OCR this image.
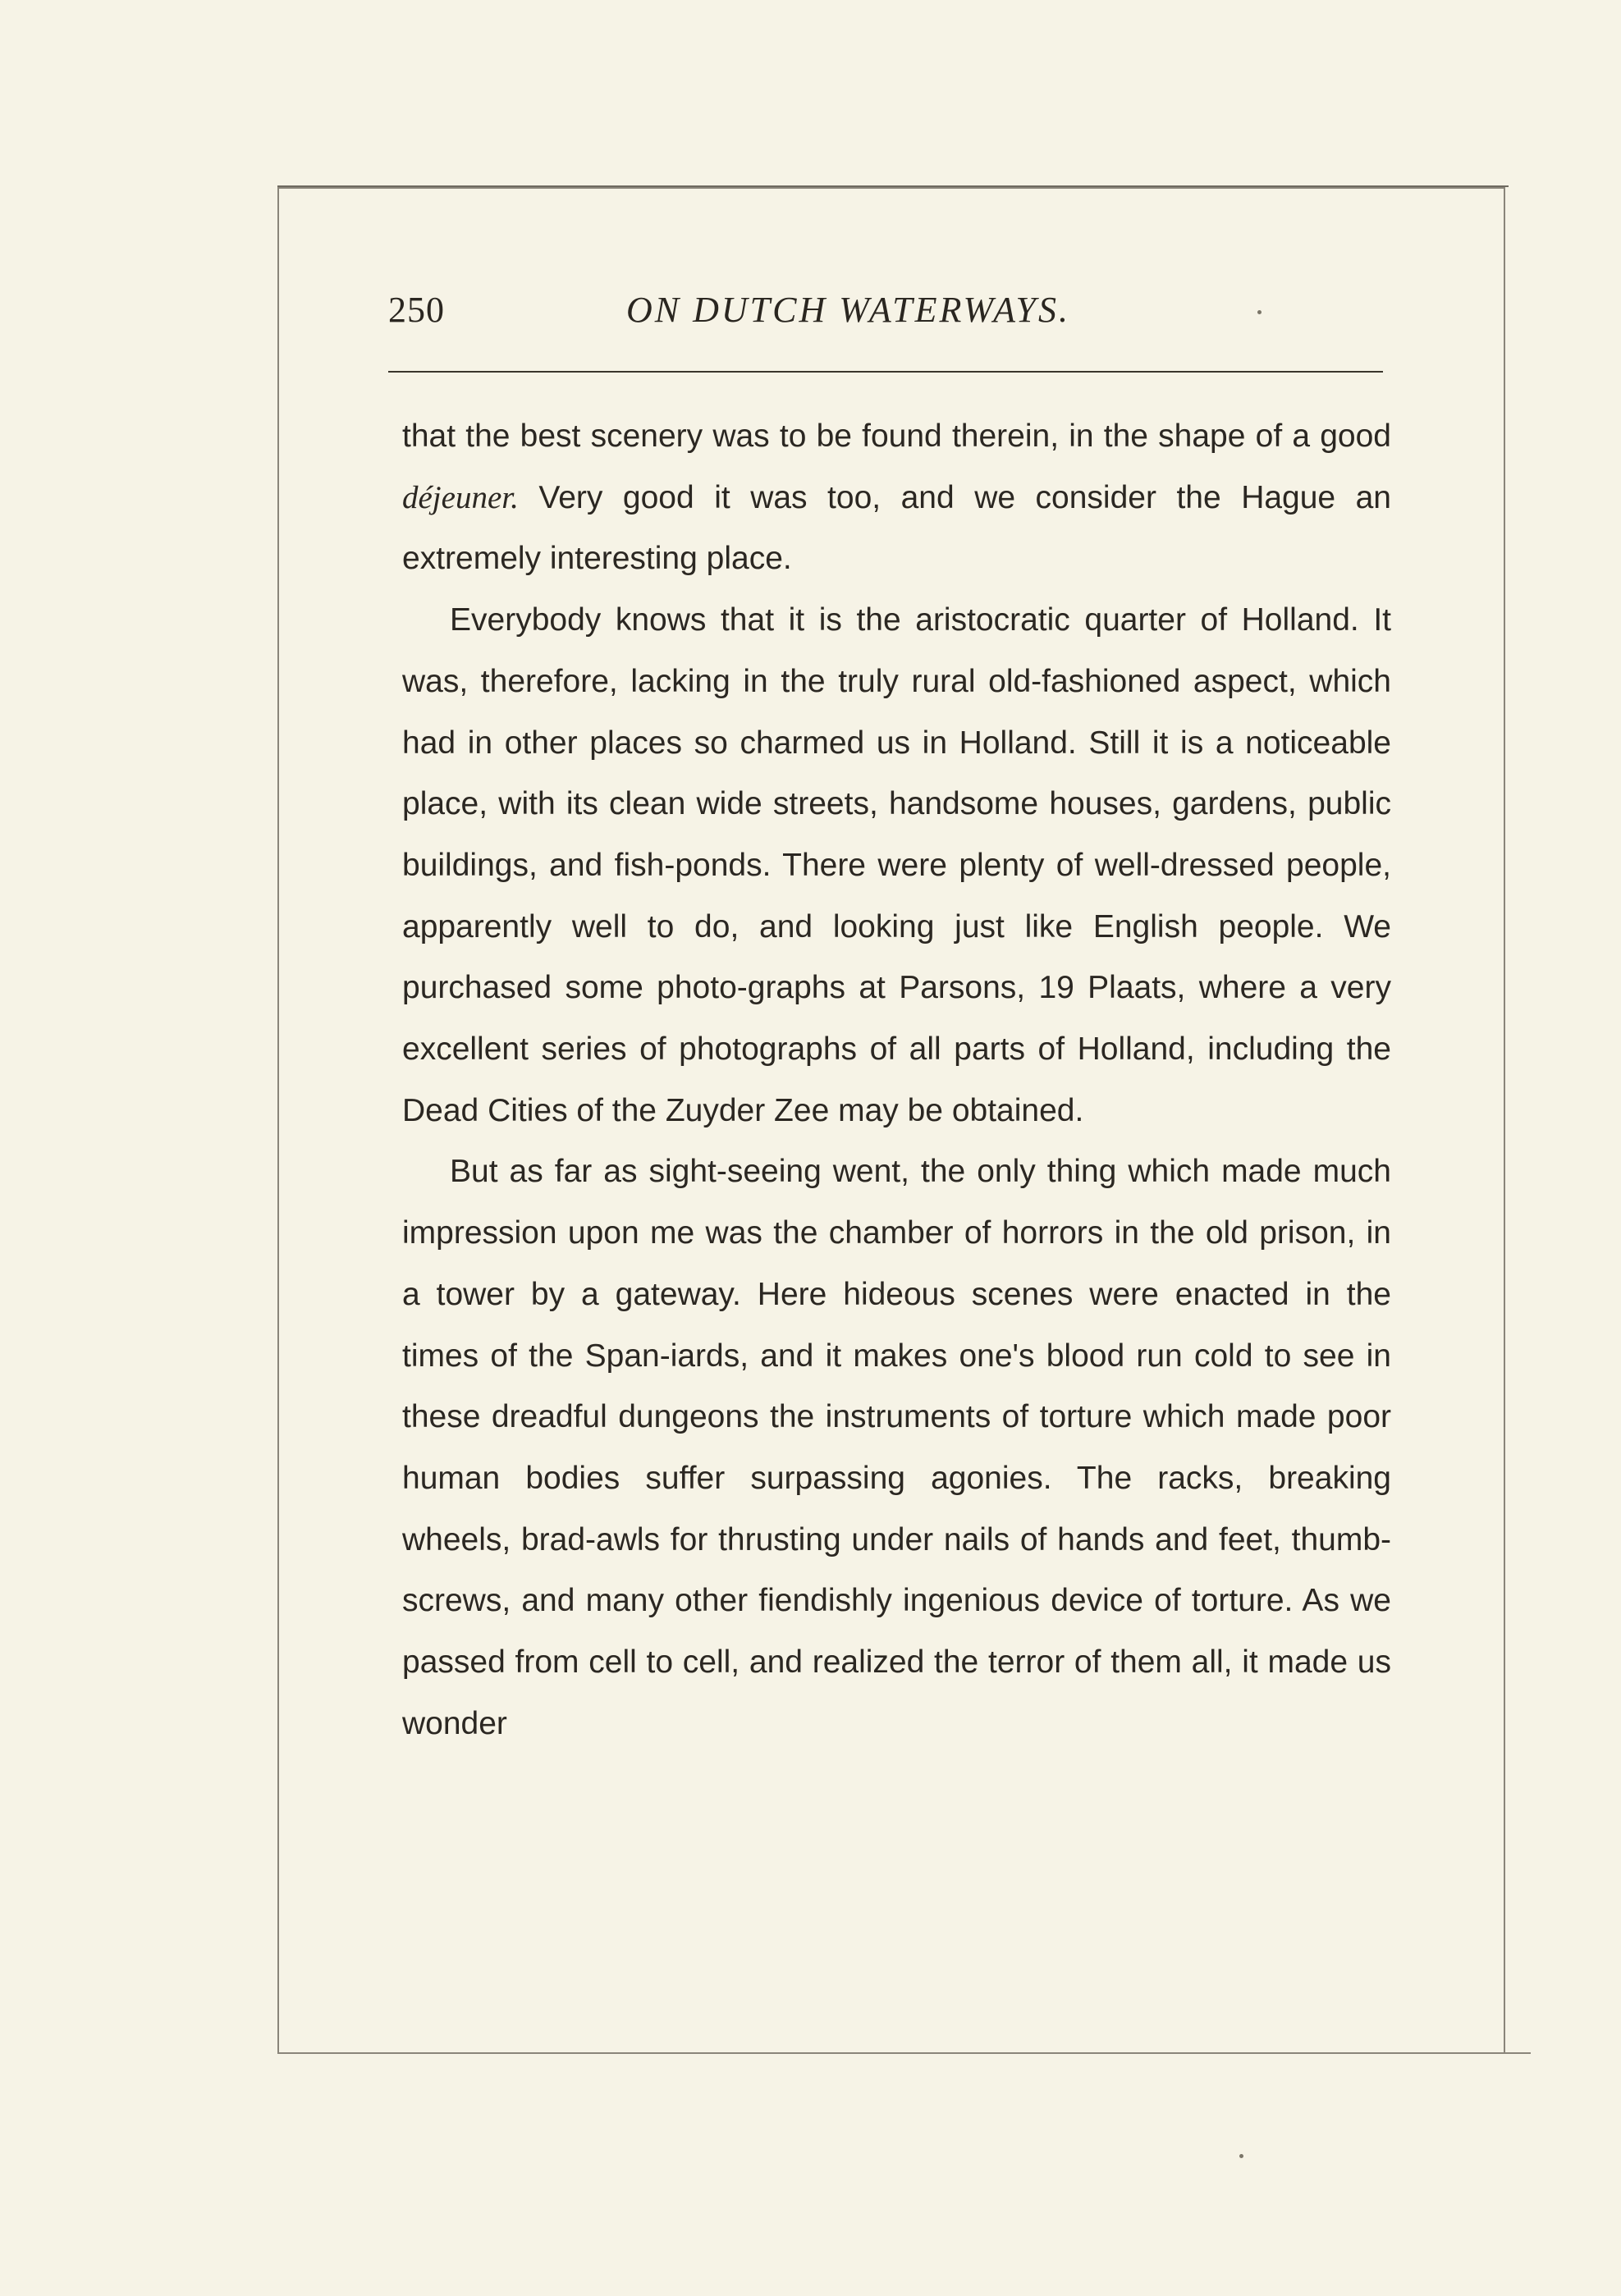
250	ON DUTCH WATERWAYS.

that the best scenery was to be found therein, in the shape of a good déjeuner. Very good it was too, and we consider the Hague an extremely interesting place.

Everybody knows that it is the aristocratic quarter of Holland. It was, therefore, lacking in the truly rural old-fashioned aspect, which had in other places so charmed us in Holland. Still it is a noticeable place, with its clean wide streets, handsome houses, gardens, public buildings, and fish-ponds. There were plenty of well-dressed people, apparently well to do, and looking just like English people. We purchased some photo-graphs at Parsons, 19 Plaats, where a very excellent series of photographs of all parts of Holland, including the Dead Cities of the Zuyder Zee may be obtained.

But as far as sight-seeing went, the only thing which made much impression upon me was the chamber of horrors in the old prison, in a tower by a gateway. Here hideous scenes were enacted in the times of the Span-iards, and it makes one's blood run cold to see in these dreadful dungeons the instruments of torture which made poor human bodies suffer surpassing agonies. The racks, breaking wheels, brad-awls for thrusting under nails of hands and feet, thumb-screws, and many other fiendishly ingenious device of torture. As we passed from cell to cell, and realized the terror of them all, it made us wonder
